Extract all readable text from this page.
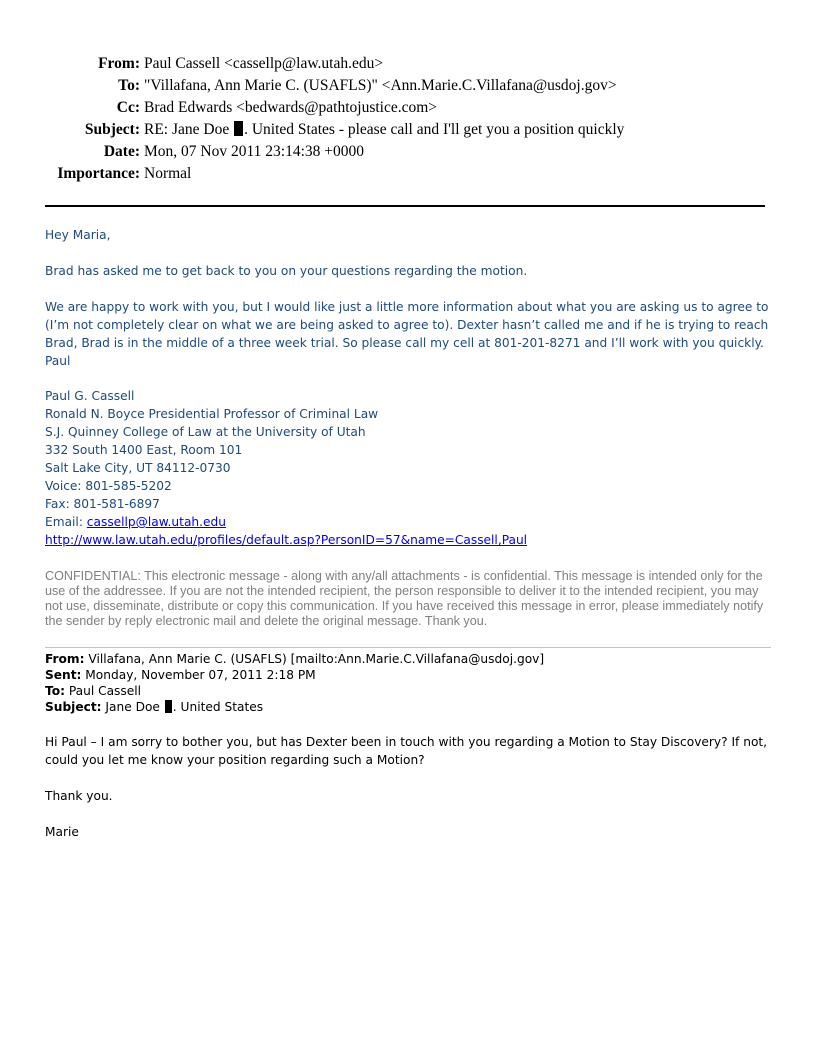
From: Paul Cassell <cassellp@law.utah.edu>
To: "Villafana, Ann Marie C. (USAFLS)" <Ann.Marie.C.Villafana@usdoj.gov>
Cc: Brad Edwards <bedwards@pathtojustice.com>
Subject: RE: Jane Doe . United States - please call and I'll get you a position quickly
Date: Mon, 07 Nov 2011 23:14:38 +0000
Importance: Normal

Hey Maria,

Brad has asked me to get back to you on your questions regarding the motion.

We are happy to work with you, but I would like just a little more information about what you are asking us to agree to (I’m not completely clear on what we are being asked to agree to). Dexter hasn’t called me and if he is trying to reach Brad, Brad is in the middle of a three week trial. So please call my cell at 801-201-8271 and I’ll work with you quickly. Paul

Paul G. Cassell
Ronald N. Boyce Presidential Professor of Criminal Law
S.J. Quinney College of Law at the University of Utah
332 South 1400 East, Room 101
Salt Lake City, UT 84112-0730
Voice: 801-585-5202
Fax: 801-581-6897
Email: cassellp@law.utah.edu
http://www.law.utah.edu/profiles/default.asp?PersonID=57&name=Cassell,Paul
CONFIDENTIAL: This electronic message - along with any/all attachments - is confidential. This message is intended only for the use of the addressee. If you are not the intended recipient, the person responsible to deliver it to the intended recipient, you may not use, disseminate, distribute or copy this communication. If you have received this message in error, please immediately notify the sender by reply electronic mail and delete the original message. Thank you.
From: Villafana, Ann Marie C. (USAFLS) [mailto:Ann.Marie.C.Villafana@usdoj.gov]
Sent: Monday, November 07, 2011 2:18 PM
To: Paul Cassell
Subject: Jane Doe . United States

Hi Paul – I am sorry to bother you, but has Dexter been in touch with you regarding a Motion to Stay Discovery? If not, could you let me know your position regarding such a Motion?

Thank you.

Marie
